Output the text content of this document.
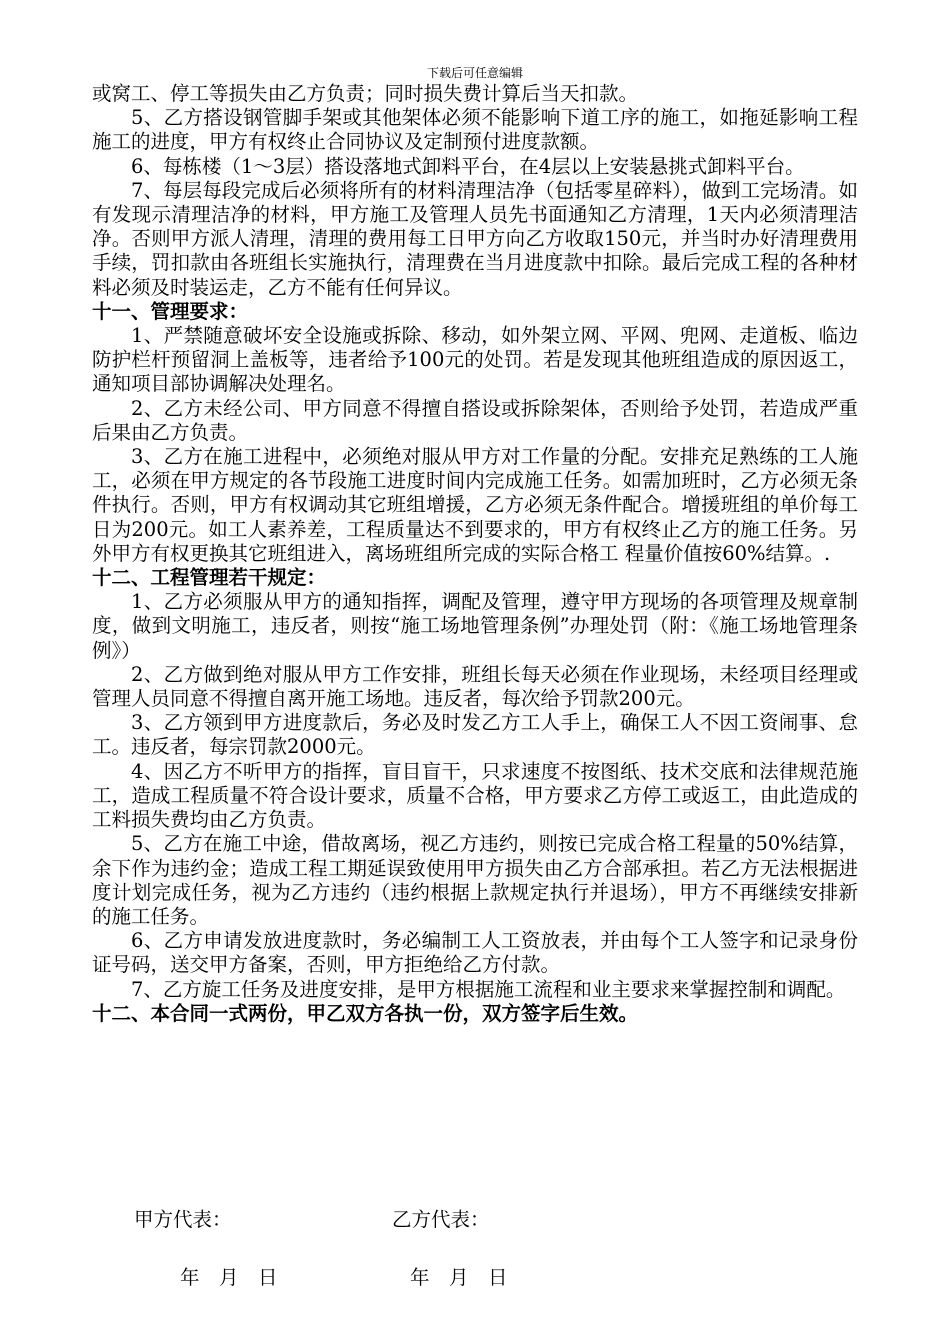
下载后可任意编辑

或窝工、停工等损失由乙方负责；同时损失费计算后当天扣款。

5、乙方搭设钢管脚手架或其他架体必须不能影响下道工序的施工，如拖延影响工程施工的进度，甲方有权终止合同协议及定制预付进度款额。

6、每栋楼（1～3层）搭设落地式卸料平台，在4层以上安装悬挑式卸料平台。

7、每层每段完成后必须将所有的材料清理洁净（包括零星碎料），做到工完场清。如有发现示清理洁净的材料，甲方施工及管理人员先书面通知乙方清理，1天内必须清理洁净。否则甲方派人清理，清理的费用每工日甲方向乙方收取150元，并当时办好清理费用手续，罚扣款由各班组长实施执行，清理费在当月进度款中扣除。最后完成工程的各种材料必须及时装运走，乙方不能有任何异议。

十一、管理要求：

1、严禁随意破坏安全设施或拆除、移动，如外架立网、平网、兜网、走道板、临边防护栏杆预留洞上盖板等，违者给予100元的处罚。若是发现其他班组造成的原因返工，通知项目部协调解决处理名。

2、乙方未经公司、甲方同意不得擅自搭设或拆除架体，否则给予处罚，若造成严重后果由乙方负责。

3、乙方在施工进程中，必须绝对服从甲方对工作量的分配。安排充足熟练的工人施工，必须在甲方规定的各节段施工进度时间内完成施工任务。如需加班时，乙方必须无条件执行。否则，甲方有权调动其它班组增援，乙方必须无条件配合。增援班组的单价每工日为200元。如工人素养差，工程质量达不到要求的，甲方有权终止乙方的施工任务。另外甲方有权更换其它班组进入，离场班组所完成的实际合格工 程量价值按60%结算。.

十二、工程管理若干规定：

1、乙方必须服从甲方的通知指挥，调配及管理，遵守甲方现场的各项管理及规章制度，做到文明施工，违反者，则按“施工场地管理条例”办理处罚（附：《施工场地管理条例》）

2、乙方做到绝对服从甲方工作安排，班组长每天必须在作业现场，未经项目经理或管理人员同意不得擅自离开施工场地。违反者，每次给予罚款200元。

3、乙方领到甲方进度款后，务必及时发乙方工人手上，确保工人不因工资闹事、怠工。违反者，每宗罚款2000元。

4、因乙方不听甲方的指挥，盲目盲干，只求速度不按图纸、技术交底和法律规范施工，造成工程质量不符合设计要求，质量不合格，甲方要求乙方停工或返工，由此造成的工料损失费均由乙方负责。

5、乙方在施工中途，借故离场，视乙方违约，则按已完成合格工程量的50%结算，余下作为违约金；造成工程工期延误致使用甲方损失由乙方合部承担。若乙方无法根据进度计划完成任务，视为乙方违约（违约根据上款规定执行并退场），甲方不再继续安排新的施工任务。

6、乙方申请发放进度款时，务必编制工人工资放表，并由每个工人签字和记录身份证号码，送交甲方备案，否则，甲方拒绝给乙方付款。

7、乙方旋工任务及进度安排，是甲方根据施工流程和业主要求来掌握控制和调配。

十二、本合同一式两份，甲乙双方各执一份，双方签字后生效。
甲方代表：	乙方代表：
年　月　日	年　月　日
